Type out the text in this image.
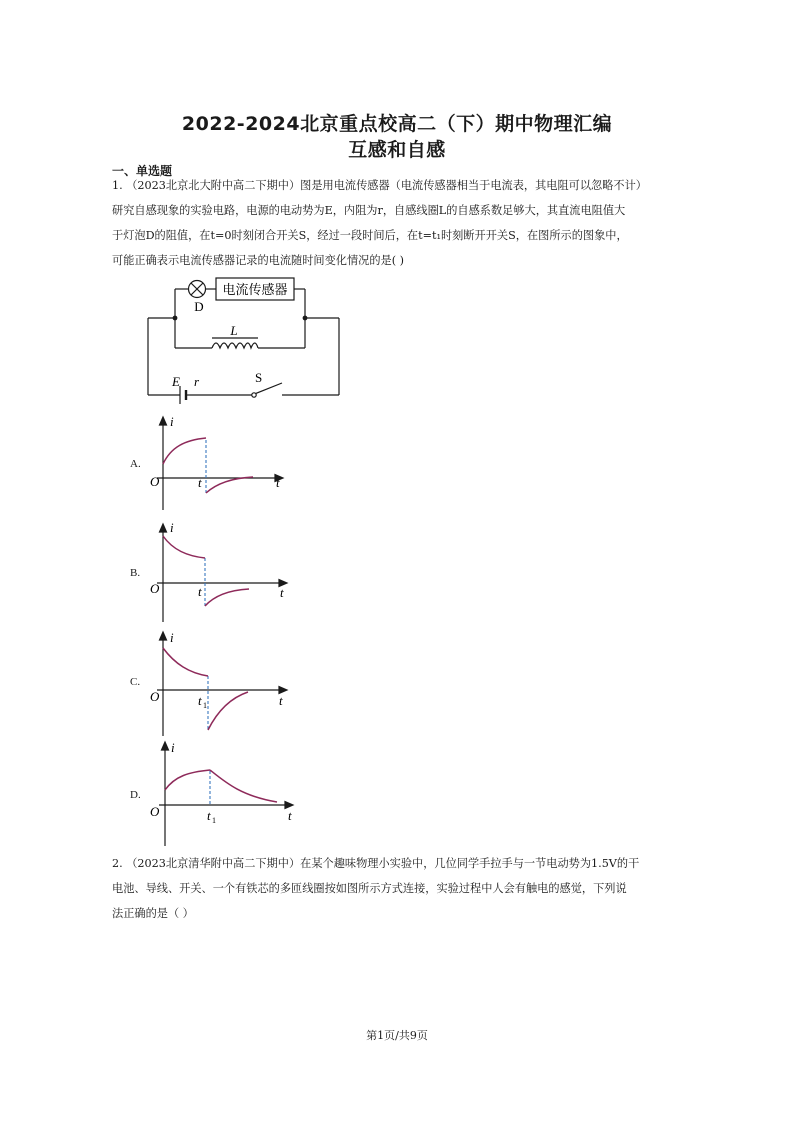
2022-2024北京重点校高二（下）期中物理汇编
互感和自感
一、单选题
1. （2023北京北大附中高二下期中）图是用电流传感器（电流传感器相当于电流表，其电阻可以忽略不计）
研究自感现象的实验电路，电源的电动势为E，内阻为r，自感线圈L的自感系数足够大，其直流电阻值大
于灯泡D的阻值，在t=0时刻闭合开关S，经过一段时间后，在t=t₁时刻断开开关S，在图所示的图象中，
可能正确表示电流传感器记录的电流随时间变化情况的是( )
电流传感器
D
L
E r	S
A.
i
O	t	t
B.
i
O	t	t
C.
i
O	t 1	t
D.
i
O	t 1	t
2. （2023北京清华附中高二下期中）在某个趣味物理小实验中，几位同学手拉手与一节电动势为1.5V的干
电池、导线、开关、一个有铁芯的多匝线圈按如图所示方式连接，实验过程中人会有触电的感觉，下列说
法正确的是（ ）
第1页/共9页
